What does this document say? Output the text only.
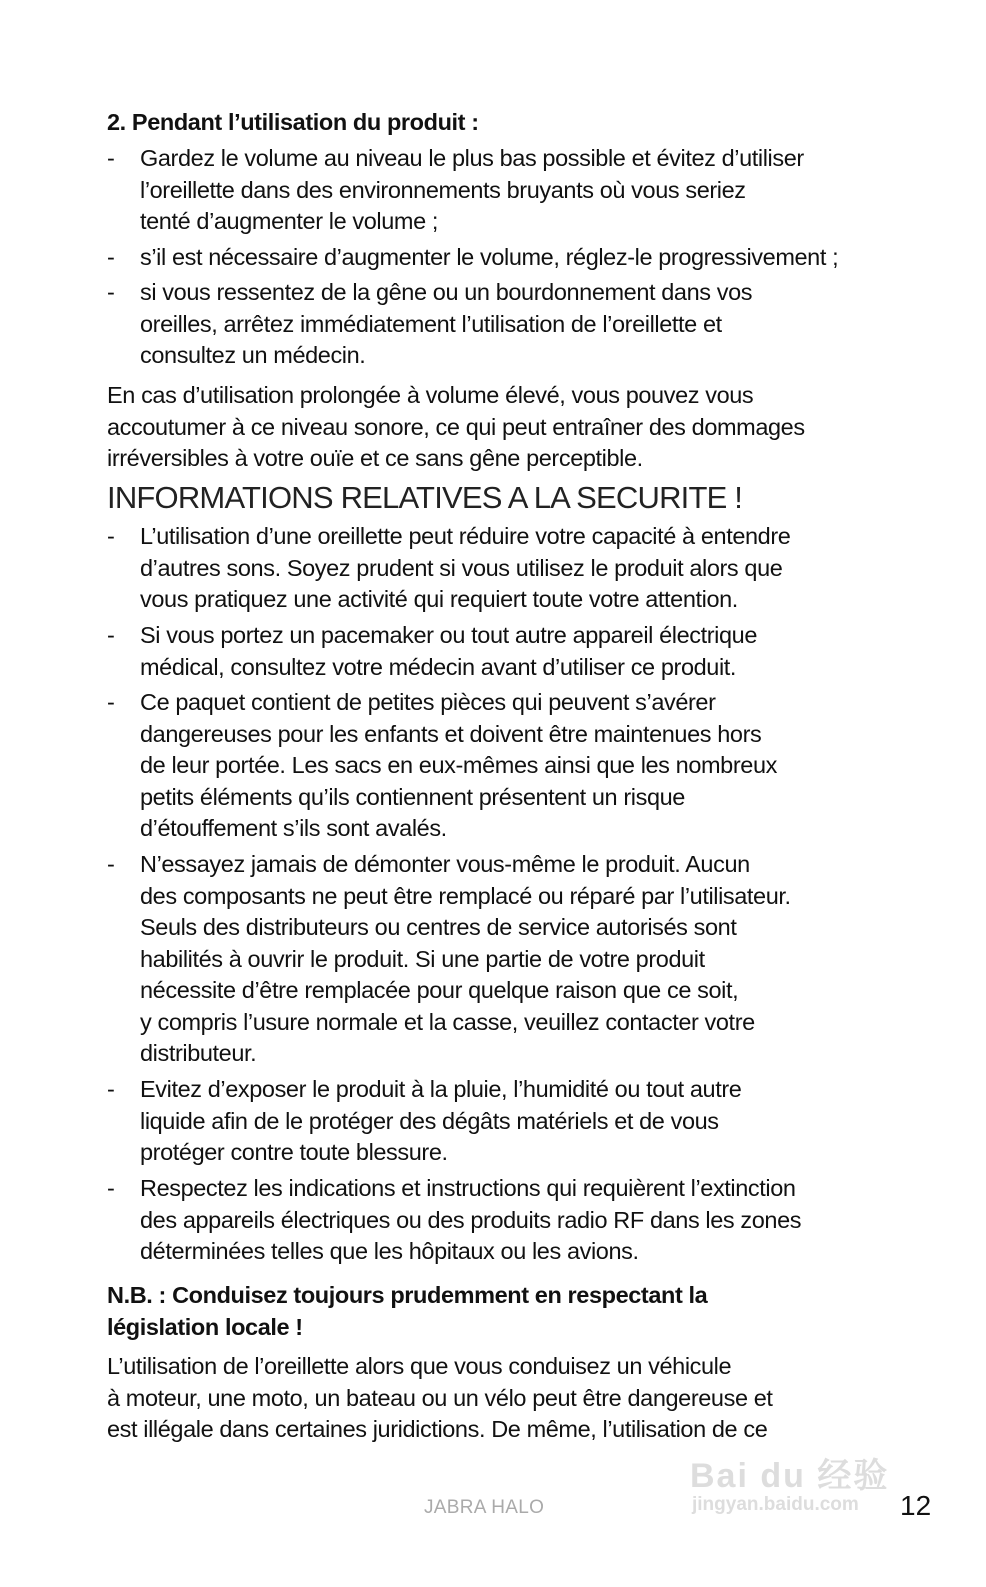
2. Pendant l’utilisation du produit :
- Gardez le volume au niveau le plus bas possible et évitez d’utiliser
l’oreillette dans des environnements bruyants où vous seriez
tenté d’augmenter le volume ;
- s’il est nécessaire d’augmenter le volume, réglez-le progressivement ;
- si vous ressentez de la gêne ou un bourdonnement dans vos
oreilles, arrêtez immédiatement l’utilisation de l’oreillette et
consultez un médecin.
En cas d’utilisation prolongée à volume élevé, vous pouvez vous
accoutumer à ce niveau sonore, ce qui peut entraîner des dommages
irréversibles à votre ouïe et ce sans gêne perceptible.
INFORMATIONS RELATIVES A LA SECURITE !
- L’utilisation d’une oreillette peut réduire votre capacité à entendre
d’autres sons. Soyez prudent si vous utilisez le produit alors que
vous pratiquez une activité qui requiert toute votre attention.
- Si vous portez un pacemaker ou tout autre appareil électrique
médical, consultez votre médecin avant d’utiliser ce produit.
- Ce paquet contient de petites pièces qui peuvent s’avérer
dangereuses pour les enfants et doivent être maintenues hors
de leur portée. Les sacs en eux-mêmes ainsi que les nombreux
petits éléments qu’ils contiennent présentent un risque
d’étouffement s’ils sont avalés.
- N’essayez jamais de démonter vous-même le produit. Aucun
des composants ne peut être remplacé ou réparé par l’utilisateur.
Seuls des distributeurs ou centres de service autorisés sont
habilités à ouvrir le produit. Si une partie de votre produit
nécessite d’être remplacée pour quelque raison que ce soit,
y compris l’usure normale et la casse, veuillez contacter votre
distributeur.
- Evitez d’exposer le produit à la pluie, l’humidité ou tout autre
liquide afin de le protéger des dégâts matériels et de vous
protéger contre toute blessure.
- Respectez les indications et instructions qui requièrent l’extinction
des appareils électriques ou des produits radio RF dans les zones
déterminées telles que les hôpitaux ou les avions.
N.B. : Conduisez toujours prudemment en respectant la
législation locale !
L’utilisation de l’oreillette alors que vous conduisez un véhicule
à moteur, une moto, un bateau ou un vélo peut être dangereuse et
est illégale dans certaines juridictions. De même, l’utilisation de ce
JABRA HALO
Bai du 经验
jingyan.baidu.com 12
